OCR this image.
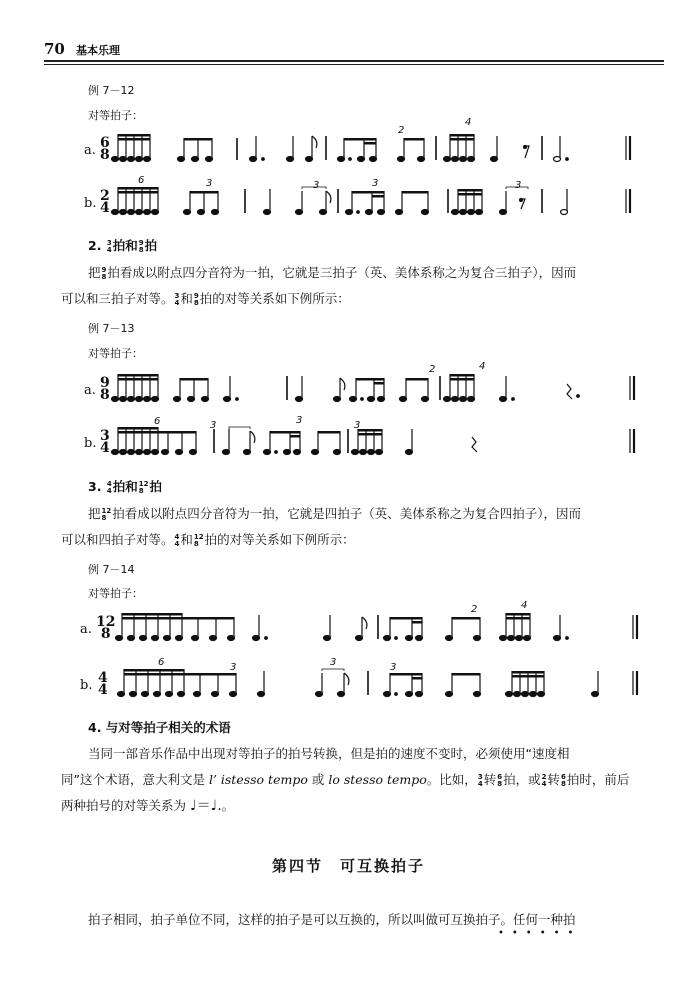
70 基本乐理
例 7－12
对等拍子：
a. 6
8
2
4
b. 2
4
6	3	3	3	3
2. 3
4 拍和 9
8 拍
把 9
8 拍看成以附点四分音符为一拍，它就是三拍子（英、美体系称之为复合三拍子），因而
可以和三拍子对等。 3
4 和 9
8 拍的对等关系如下例所示：
例 7－13
对等拍子：
a. 9
8
2	4
b. 3
4
6	3	3	3
3. 4
4 拍和 12
8 拍
把 12
8 拍看成以附点四分音符为一拍，它就是四拍子（英、美体系称之为复合四拍子），因而
可以和四拍子对等。 4
4 和 12
8 拍的对等关系如下例所示：
例 7－14
对等拍子：
a. 12
8
2	4
b. 4
4
6	3	3	3
4. 与对等拍子相关的术语
当同一部音乐作品中出现对等拍子的拍号转换，但是拍的速度不变时，必须使用“速度相
同”这个术语，意大利文是 l’ istesso tempo 或 lo stesso tempo。比如， 3
4 转 6
8 拍，或 2
4 转 6
8 拍时，前后
两种拍号的对等关系为 ♩＝♩.。
第四节　可互换拍子
拍子相同，拍子单位不同，这样的拍子是可以互换的，所以叫做可互换拍子。任何一种拍
••••••
